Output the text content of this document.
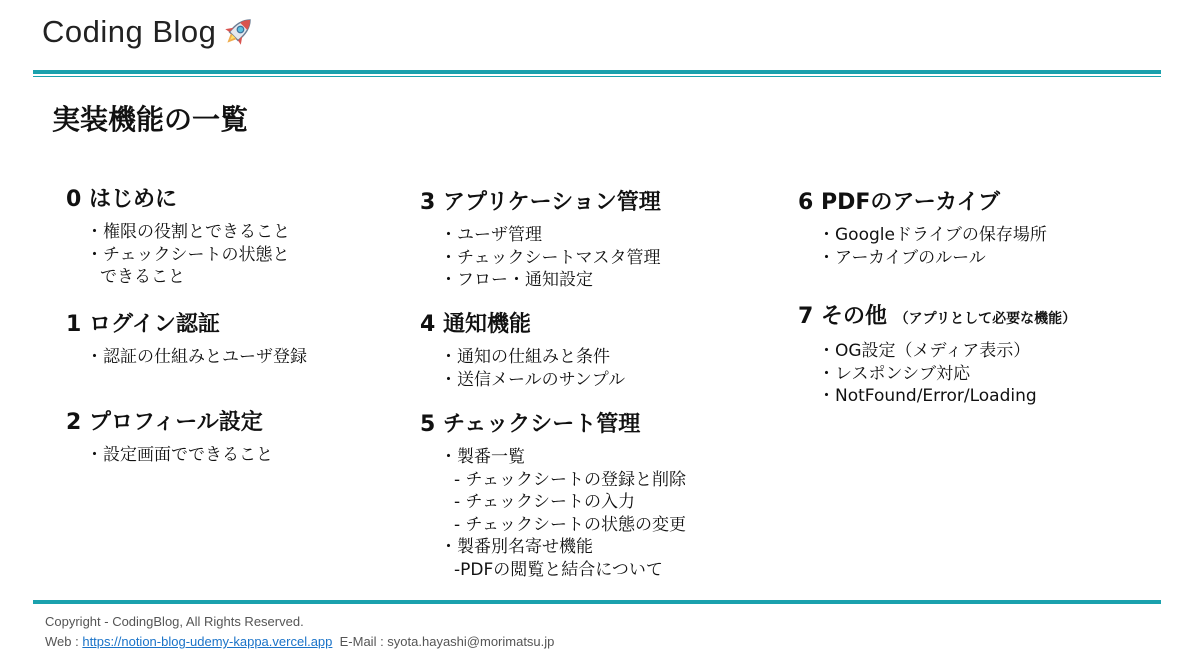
Coding Blog
実装機能の一覧
0 はじめに
・権限の役割とできること
・チェックシートの状態と
できること
1 ログイン認証
・認証の仕組みとユーザ登録
2 プロフィール設定
・設定画面でできること
3 アプリケーション管理
・ユーザ管理
・チェックシートマスタ管理
・フロー・通知設定
4 通知機能
・通知の仕組みと条件
・送信メールのサンプル
5 チェックシート管理
・製番一覧
- チェックシートの登録と削除
- チェックシートの入力
- チェックシートの状態の変更
・製番別名寄せ機能
-PDFの閲覧と結合について
6 PDFのアーカイブ
・Googleドライブの保存場所
・アーカイブのルール
7 その他 （アプリとして必要な機能）
・OG設定（メディア表示）
・レスポンシブ対応
・NotFound/Error/Loading
Copyright - CodingBlog, All Rights Reserved.
Web : https://notion-blog-udemy-kappa.vercel.app E-Mail : syota.hayashi@morimatsu.jp
